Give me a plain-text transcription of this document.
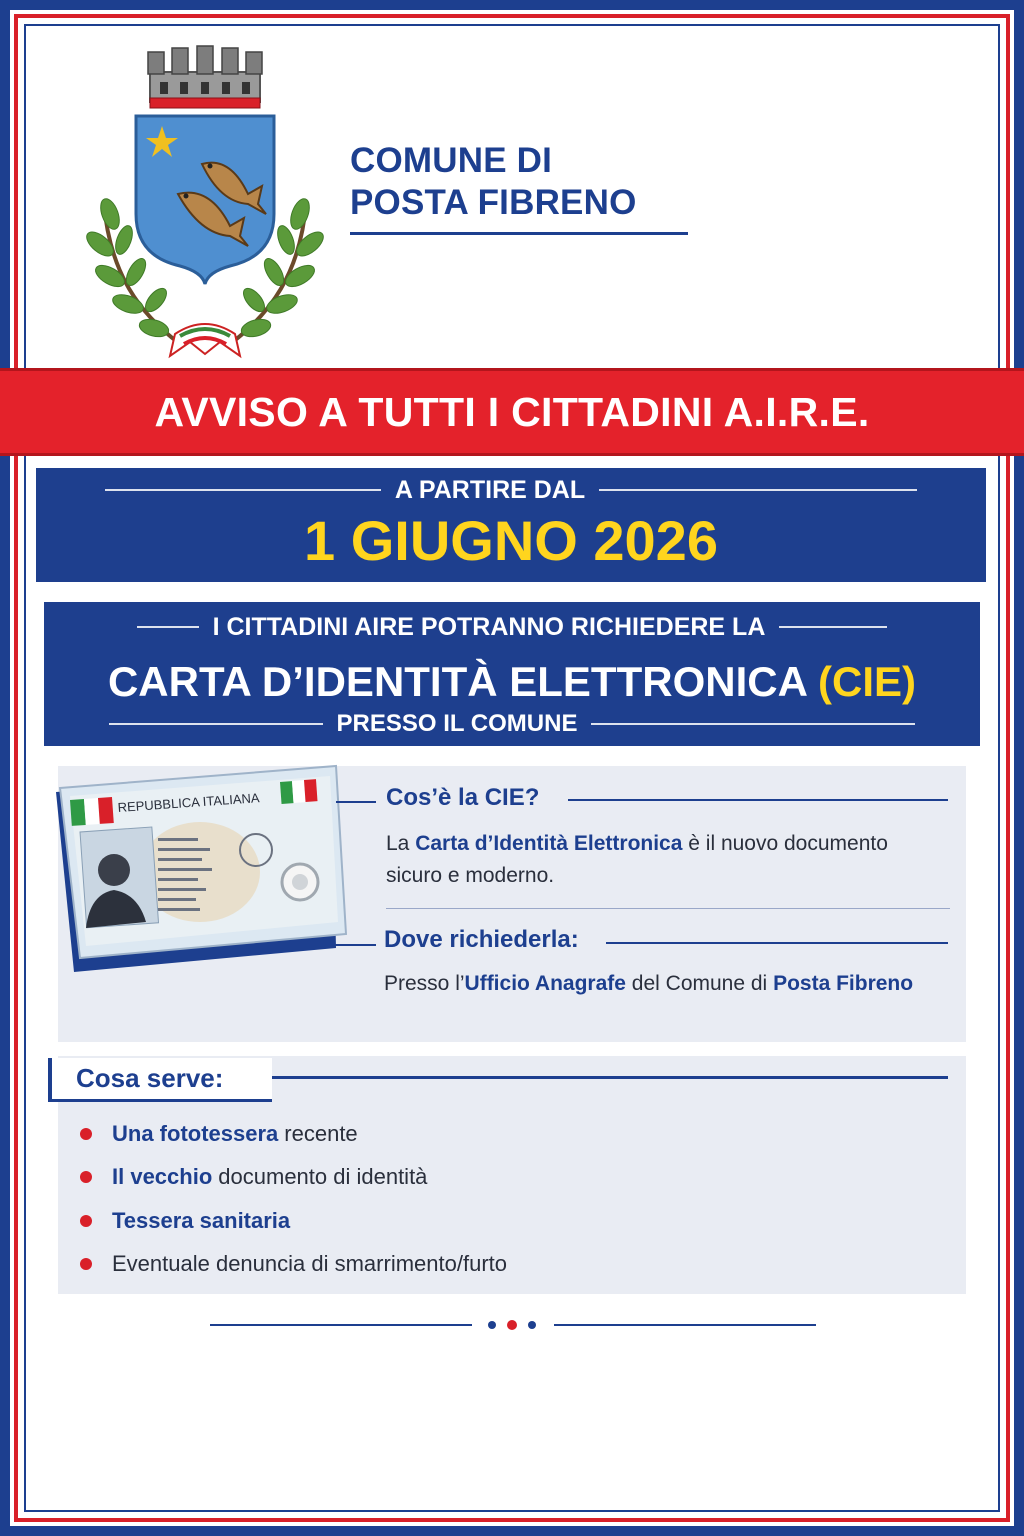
COMUNE DI
POSTA FIBRENO
AVVISO A TUTTI I CITTADINI A.I.R.E.
A PARTIRE DAL
1 GIUGNO 2026
I CITTADINI AIRE POTRANNO RICHIEDERE LA
CARTA D’IDENTITÀ ELETTRONICA (CIE)
PRESSO IL COMUNE
REPUBBLICA ITALIANA	Cos’è la CIE?
La Carta d’Identità Elettronica è il nuovo documento sicuro e moderno.
Dove richiederla:
Presso l’Ufficio Anagrafe del Comune di Posta Fibreno
Cosa serve:
Una fototessera recente
Il vecchio documento di identità
Tessera sanitaria
Eventuale denuncia di smarrimento/furto
